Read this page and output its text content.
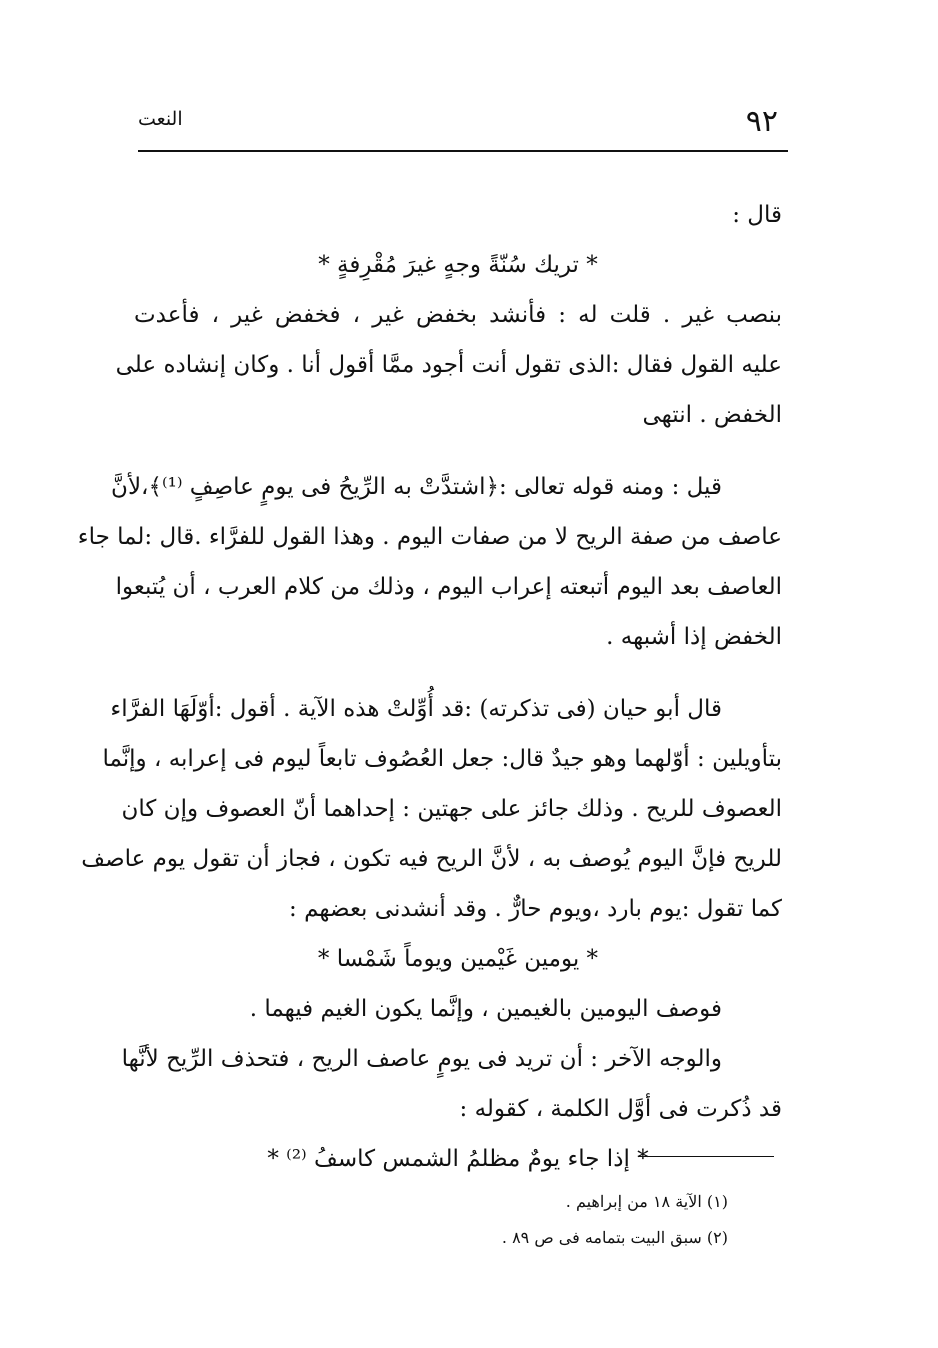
٩٢
النعت
قال :
* تريك سُنّةً وجهٍ غيرَ مُقْرِفةٍ *
بنصب غير . قلت له : فأنشد بخفض غير ، فخفض غير ، فأعدت
عليه القول فقال :الذى تقول أنت أجود ممَّا أقول أنا . وكان إنشاده على
الخفض . انتهى
قيل : ومنه قوله تعالى :﴿اشتدَّتْ به الرِّيحُ فى يومٍ عاصِفٍ ⁽¹⁾﴾،لأنَّ
عاصف من صفة الريح لا من صفات اليوم . وهذا القول للفرَّاء .قال :لما جاء
العاصف بعد اليوم أتبعته إعراب اليوم ، وذلك من كلام العرب ، أن يُتبعوا
الخفض إذا أشبهه .
قال أبو حيان (فى تذكرته) :قد أُوِّلتْ هذه الآية . أقول :أوّلَهَا الفرَّاء
بتأويلين : أوّلهما وهو جيدٌ قال: جعل العُصُوف تابعاً ليوم فى إعرابه ، وإنَّما
العصوف للريح . وذلك جائز على جهتين : إحداهما أنّ العصوف وإن كان
للريح فإنَّ اليوم يُوصف به ، لأنَّ الريح فيه تكون ، فجاز أن تقول يوم عاصف
كما تقول :يوم بارد ،ويوم حارٌّ . وقد أنشدنى بعضهم :
* يومين غَيْمين ويوماً شَمْسا *
فوصف اليومين بالغيمين ، وإنَّما يكون الغيم فيهما .
والوجه الآخر : أن تريد فى يومٍ عاصف الريح ، فتحذف الرِّيح لأنَّها
قد ذُكرت فى أوَّل الكلمة ، كقوله :
* إذا جاء يومٌ مظلمُ الشمس كاسفُ ⁽²⁾ *
(١) الآية ١٨ من إبراهيم .
(٢) سبق البيت بتمامه فى ص ٨٩ .
